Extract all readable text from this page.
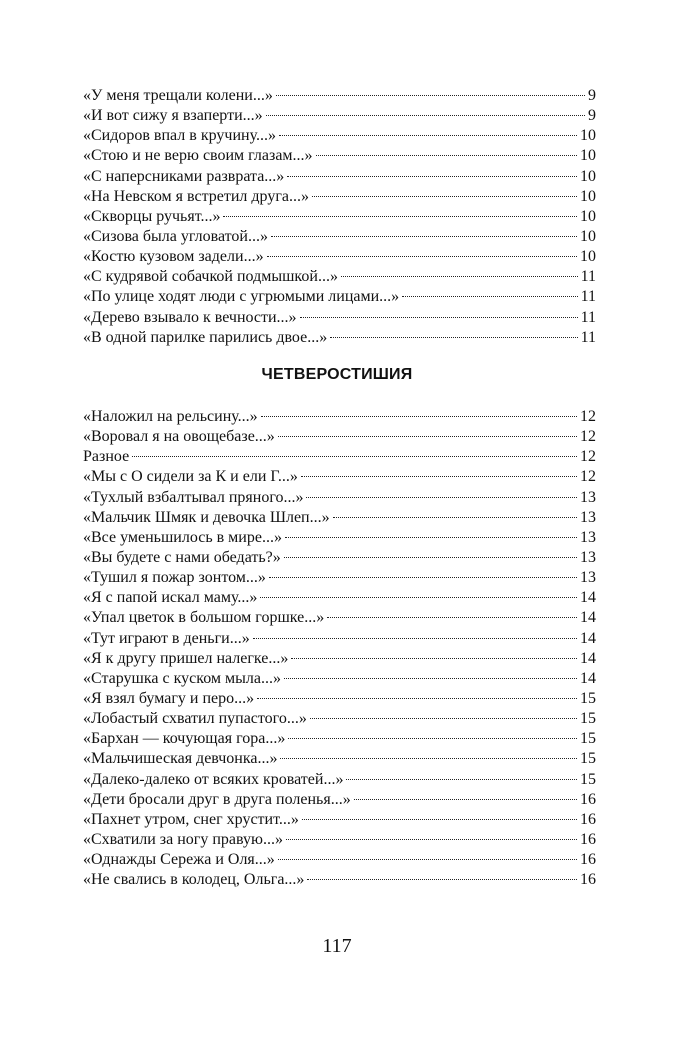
«У меня трещали колени...»	9
«И вот сижу я взаперти...»	9
«Сидоров впал в кручину...»	10
«Стою и не верю своим глазам...»	10
«С наперсниками разврата...»	10
«На Невском я встретил друга...»	10
«Скворцы ручьят...»	10
«Сизова была угловатой...»	10
«Костю кузовом задели...»	10
«С кудрявой собачкой подмышкой...»	11
«По улице ходят люди с угрюмыми лицами...»	11
«Дерево взывало к вечности...»	11
«В одной парилке парились двое...»	11
ЧЕТВЕРОСТИШИЯ
«Наложил на рельсину...»	12
«Воровал я на овощебазе...»	12
Разное	12
«Мы с О сидели за К и ели Г...»	12
«Тухлый взбалтывал пряного...»	13
«Мальчик Шмяк и девочка Шлеп...»	13
«Все уменьшилось в мире...»	13
«Вы будете с нами обедать?»	13
«Тушил я пожар зонтом...»	13
«Я с папой искал маму...»	14
«Упал цветок в большом горшке...»	14
«Тут играют в деньги...»	14
«Я к другу пришел налегке...»	14
«Старушка с куском мыла...»	14
«Я взял бумагу и перо...»	15
«Лобастый схватил пупастого...»	15
«Бархан — кочующая гора...»	15
«Мальчишеская девчонка...»	15
«Далеко-далеко от всяких кроватей...»	15
«Дети бросали друг в друга поленья...»	16
«Пахнет утром, снег хрустит...»	16
«Схватили за ногу правую...»	16
«Однажды Сережа и Оля...»	16
«Не свались в колодец, Ольга...»	16
117
